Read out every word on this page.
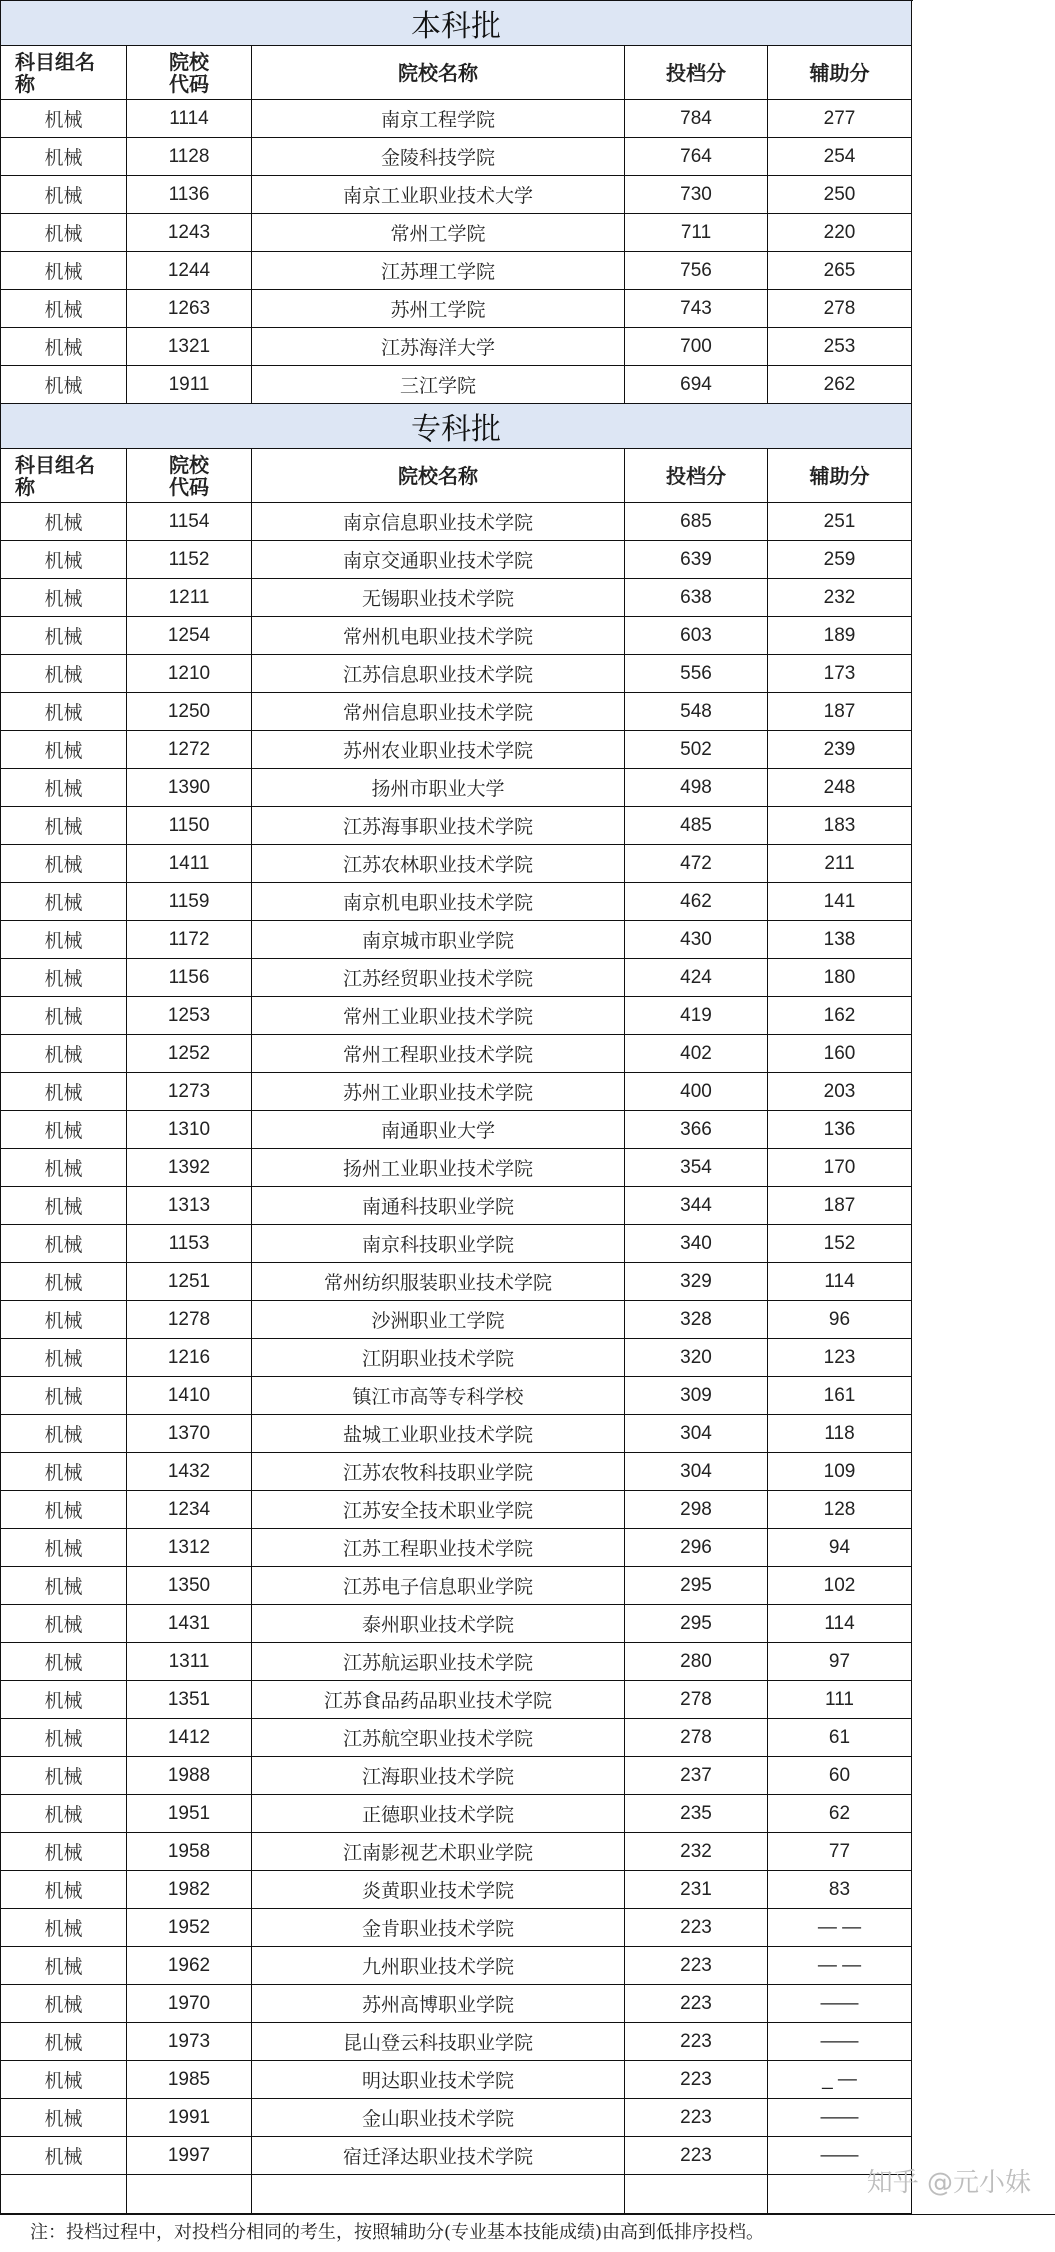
本科批					
科目组名称	院校代码	院校名称	投档分	辅助分	
机械	1114	南京工程学院	784	277	
机械	1128	金陵科技学院	764	254	
机械	1136	南京工业职业技术大学	730	250	
机械	1243	常州工学院	711	220	
机械	1244	江苏理工学院	756	265	
机械	1263	苏州工学院	743	278	
机械	1321	江苏海洋大学	700	253	
机械	1911	三江学院	694	262	
专科批					
科目组名称	院校代码	院校名称	投档分	辅助分	
机械	1154	南京信息职业技术学院	685	251	
机械	1152	南京交通职业技术学院	639	259	
机械	1211	无锡职业技术学院	638	232	
机械	1254	常州机电职业技术学院	603	189	
机械	1210	江苏信息职业技术学院	556	173	
机械	1250	常州信息职业技术学院	548	187	
机械	1272	苏州农业职业技术学院	502	239	
机械	1390	扬州市职业大学	498	248	
机械	1150	江苏海事职业技术学院	485	183	
机械	1411	江苏农林职业技术学院	472	211	
机械	1159	南京机电职业技术学院	462	141	
机械	1172	南京城市职业学院	430	138	
机械	1156	江苏经贸职业技术学院	424	180	
机械	1253	常州工业职业技术学院	419	162	
机械	1252	常州工程职业技术学院	402	160	
机械	1273	苏州工业职业技术学院	400	203	
机械	1310	南通职业大学	366	136	
机械	1392	扬州工业职业技术学院	354	170	
机械	1313	南通科技职业学院	344	187	
机械	1153	南京科技职业学院	340	152	
机械	1251	常州纺织服装职业技术学院	329	114	
机械	1278	沙洲职业工学院	328	96	
机械	1216	江阴职业技术学院	320	123	
机械	1410	镇江市高等专科学校	309	161	
机械	1370	盐城工业职业技术学院	304	118	
机械	1432	江苏农牧科技职业学院	304	109	
机械	1234	江苏安全技术职业学院	298	128	
机械	1312	江苏工程职业技术学院	296	94	
机械	1350	江苏电子信息职业学院	295	102	
机械	1431	泰州职业技术学院	295	114	
机械	1311	江苏航运职业技术学院	280	97	
机械	1351	江苏食品药品职业技术学院	278	111	
机械	1412	江苏航空职业技术学院	278	61	
机械	1988	江海职业技术学院	237	60	
机械	1951	正德职业技术学院	235	62	
机械	1958	江南影视艺术职业学院	232	77	
机械	1982	炎黄职业技术学院	231	83	
机械	1952	金肯职业技术学院	223	— —	
机械	1962	九州职业技术学院	223	— —	
机械	1970	苏州高博职业学院	223	——	
机械	1973	昆山登云科技职业学院	223	——	
机械	1985	明达职业技术学院	223	_ —	
机械	1991	金山职业技术学院	223	——	
机械	1997	宿迁泽达职业技术学院	223	——	

注：投档过程中，对投档分相同的考生，按照辅助分(专业基本技能成绩)由高到低排序投档。
知乎 @元小妹
